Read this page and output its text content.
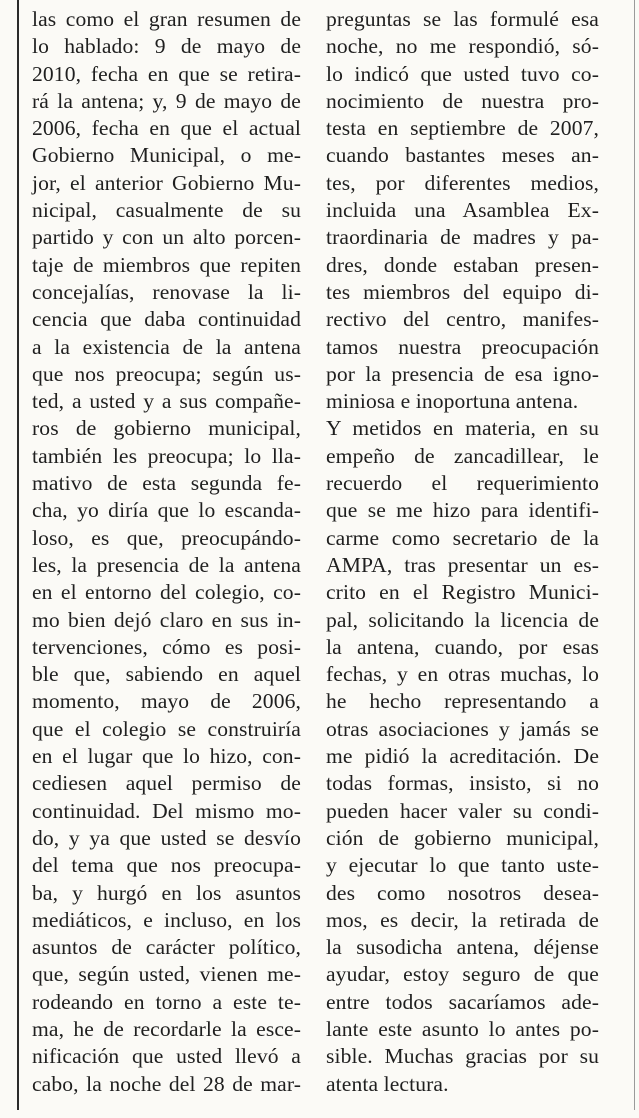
las como el gran resumen de
lo hablado: 9 de mayo de
2010, fecha en que se retira-
rá la antena; y, 9 de mayo de
2006, fecha en que el actual
Gobierno Municipal, o me-
jor, el anterior Gobierno Mu-
nicipal, casualmente de su
partido y con un alto porcen-
taje de miembros que repiten
concejalías, renovase la li-
cencia que daba continuidad
a la existencia de la antena
que nos preocupa; según us-
ted, a usted y a sus compañe-
ros de gobierno municipal,
también les preocupa; lo lla-
mativo de esta segunda fe-
cha, yo diría que lo escanda-
loso, es que, preocupándo-
les, la presencia de la antena
en el entorno del colegio, co-
mo bien dejó claro en sus in-
tervenciones, cómo es posi-
ble que, sabiendo en aquel
momento, mayo de 2006,
que el colegio se construiría
en el lugar que lo hizo, con-
cediesen aquel permiso de
continuidad. Del mismo mo-
do, y ya que usted se desvío
del tema que nos preocupa-
ba, y hurgó en los asuntos
mediáticos, e incluso, en los
asuntos de carácter político,
que, según usted, vienen me-
rodeando en torno a este te-
ma, he de recordarle la esce-
nificación que usted llevó a
cabo, la noche del 28 de mar-
preguntas se las formulé esa
noche, no me respondió, só-
lo indicó que usted tuvo co-
nocimiento de nuestra pro-
testa en septiembre de 2007,
cuando bastantes meses an-
tes, por diferentes medios,
incluida una Asamblea Ex-
traordinaria de madres y pa-
dres, donde estaban presen-
tes miembros del equipo di-
rectivo del centro, manifes-
tamos nuestra preocupación
por la presencia de esa igno-
miniosa e inoportuna antena.
Y metidos en materia, en su
empeño de zancadillear, le
recuerdo el requerimiento
que se me hizo para identifi-
carme como secretario de la
AMPA, tras presentar un es-
crito en el Registro Munici-
pal, solicitando la licencia de
la antena, cuando, por esas
fechas, y en otras muchas, lo
he hecho representando a
otras asociaciones y jamás se
me pidió la acreditación. De
todas formas, insisto, si no
pueden hacer valer su condi-
ción de gobierno municipal,
y ejecutar lo que tanto uste-
des como nosotros desea-
mos, es decir, la retirada de
la susodicha antena, déjense
ayudar, estoy seguro de que
entre todos sacaríamos ade-
lante este asunto lo antes po-
sible. Muchas gracias por su
atenta lectura.
